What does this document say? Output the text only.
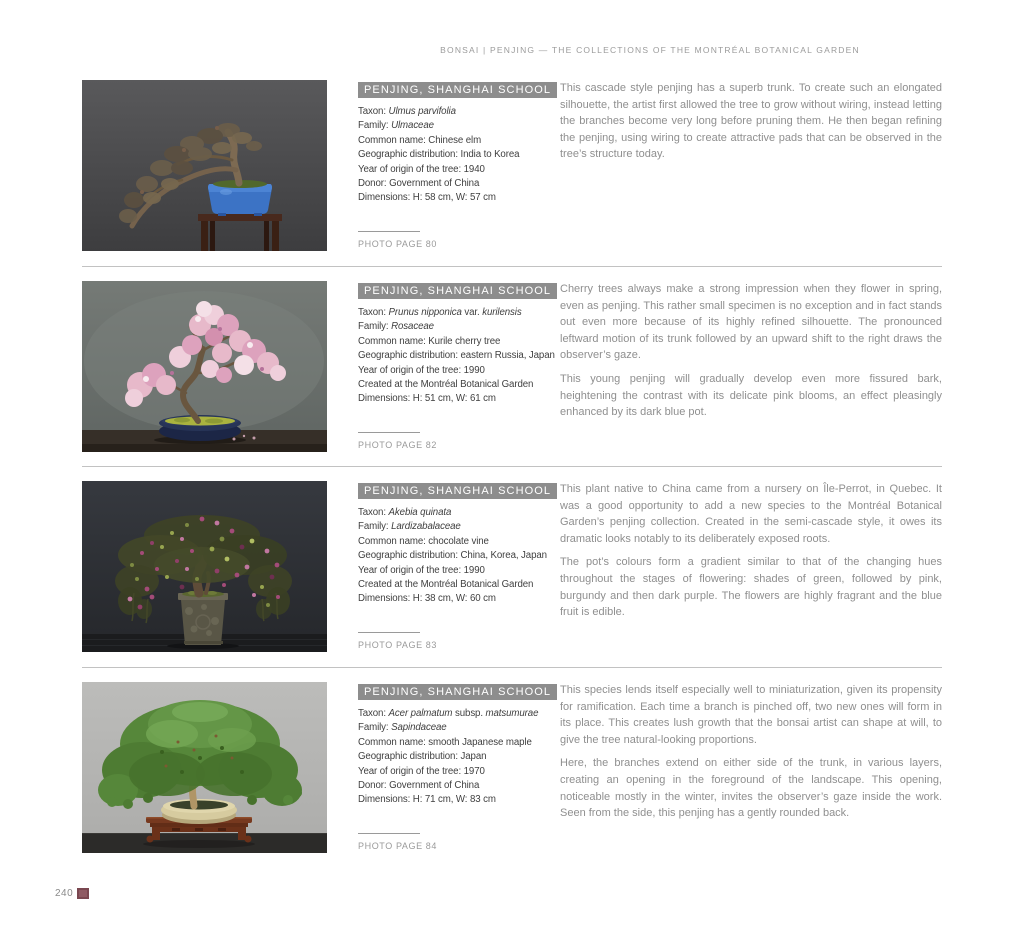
BONSAI | PENJING — THE COLLECTIONS OF THE MONTRÉAL BOTANICAL GARDEN
PENJING, SHANGHAI SCHOOL
Taxon: Ulmus parvifolia
Family: Ulmaceae
Common name: Chinese elm
Geographic distribution: India to Korea
Year of origin of the tree: 1940
Donor: Government of China
Dimensions: H: 58 cm, W: 57 cm
PHOTO PAGE 80

This cascade style penjing has a superb trunk. To create such an elongated silhouette, the artist first allowed the tree to grow without wiring, instead letting the branches become very long before pruning them. He then began refining the penjing, using wiring to create attractive pads that can be observed in the tree’s structure today.

PENJING, SHANGHAI SCHOOL
Taxon: Prunus nipponica var. kurilensis
Family: Rosaceae
Common name: Kurile cherry tree
Geographic distribution: eastern Russia, Japan
Year of origin of the tree: 1990
Created at the Montréal Botanical Garden
Dimensions: H: 51 cm, W: 61 cm
PHOTO PAGE 82

Cherry trees always make a strong impression when they flower in spring, even as penjing. This rather small specimen is no exception and in fact stands out even more because of its highly refined silhouette. The pronounced leftward motion of its trunk followed by an upward shift to the right draws the observer’s gaze.

This young penjing will gradually develop even more fissured bark, heightening the contrast with its delicate pink blooms, an effect pleasingly enhanced by its dark blue pot.

PENJING, SHANGHAI SCHOOL
Taxon: Akebia quinata
Family: Lardizabalaceae
Common name: chocolate vine
Geographic distribution: China, Korea, Japan
Year of origin of the tree: 1990
Created at the Montréal Botanical Garden
Dimensions: H: 38 cm, W: 60 cm
PHOTO PAGE 83

This plant native to China came from a nursery on Île-Perrot, in Quebec. It was a good opportunity to add a new species to the Montréal Botanical Garden’s penjing collection. Created in the semi-cascade style, it owes its dramatic looks notably to its deliberately exposed roots.

The pot’s colours form a gradient similar to that of the changing hues throughout the stages of flowering: shades of green, followed by pink, burgundy and then dark purple. The flowers are highly fragrant and the blue fruit is edible.

PENJING, SHANGHAI SCHOOL
Taxon: Acer palmatum subsp. matsumurae
Family: Sapindaceae
Common name: smooth Japanese maple
Geographic distribution: Japan
Year of origin of the tree: 1970
Donor: Government of China
Dimensions: H: 71 cm, W: 83 cm
PHOTO PAGE 84

This species lends itself especially well to miniaturization, given its propensity for ramification. Each time a branch is pinched off, two new ones will form in its place. This creates lush growth that the bonsai artist can shape at will, to give the tree natural-looking proportions.

Here, the branches extend on either side of the trunk, in various layers, creating an opening in the foreground of the landscape. This opening, noticeable mostly in the winter, invites the observer’s gaze inside the work. Seen from the side, this penjing has a gently rounded back.

240
